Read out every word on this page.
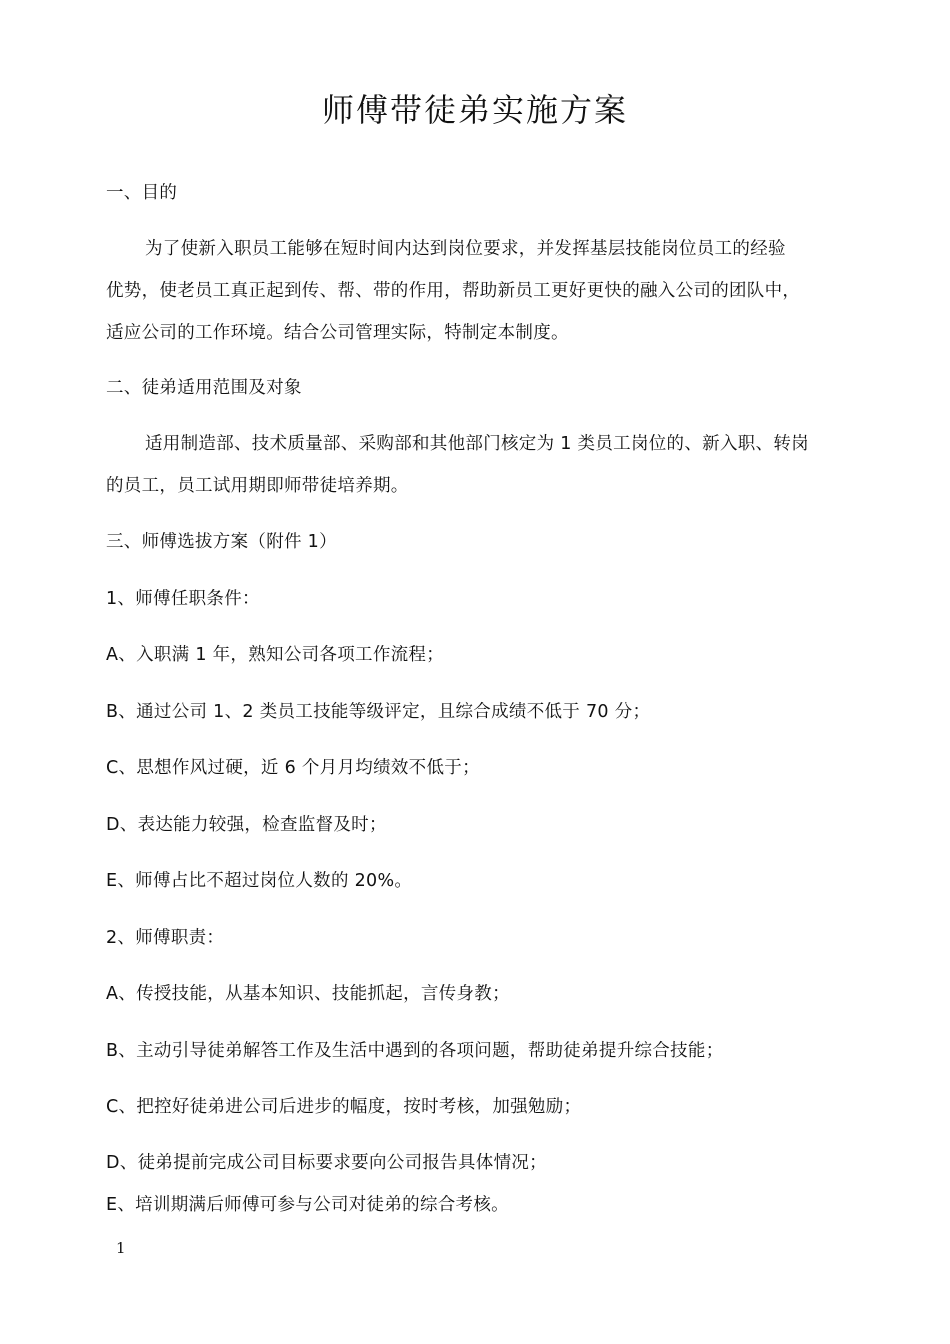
师傅带徒弟实施方案
一、目的
为了使新入职员工能够在短时间内达到岗位要求，并发挥基层技能岗位员工的经验
优势，使老员工真正起到传、帮、带的作用，帮助新员工更好更快的融入公司的团队中，
适应公司的工作环境。结合公司管理实际，特制定本制度。
二、徒弟适用范围及对象
适用制造部、技术质量部、采购部和其他部门核定为 1 类员工岗位的、新入职、转岗
的员工，员工试用期即师带徒培养期。
三、师傅选拔方案（附件 1）
1、师傅任职条件：
A、入职满 1 年，熟知公司各项工作流程；
B、通过公司 1、2 类员工技能等级评定，且综合成绩不低于 70 分；
C、思想作风过硬，近 6 个月月均绩效不低于；
D、表达能力较强，检查监督及时；
E、师傅占比不超过岗位人数的 20%。
2、师傅职责：
A、传授技能，从基本知识、技能抓起，言传身教；
B、主动引导徒弟解答工作及生活中遇到的各项问题，帮助徒弟提升综合技能；
C、把控好徒弟进公司后进步的幅度，按时考核，加强勉励；
D、徒弟提前完成公司目标要求要向公司报告具体情况；
E、培训期满后师傅可参与公司对徒弟的综合考核。
1
